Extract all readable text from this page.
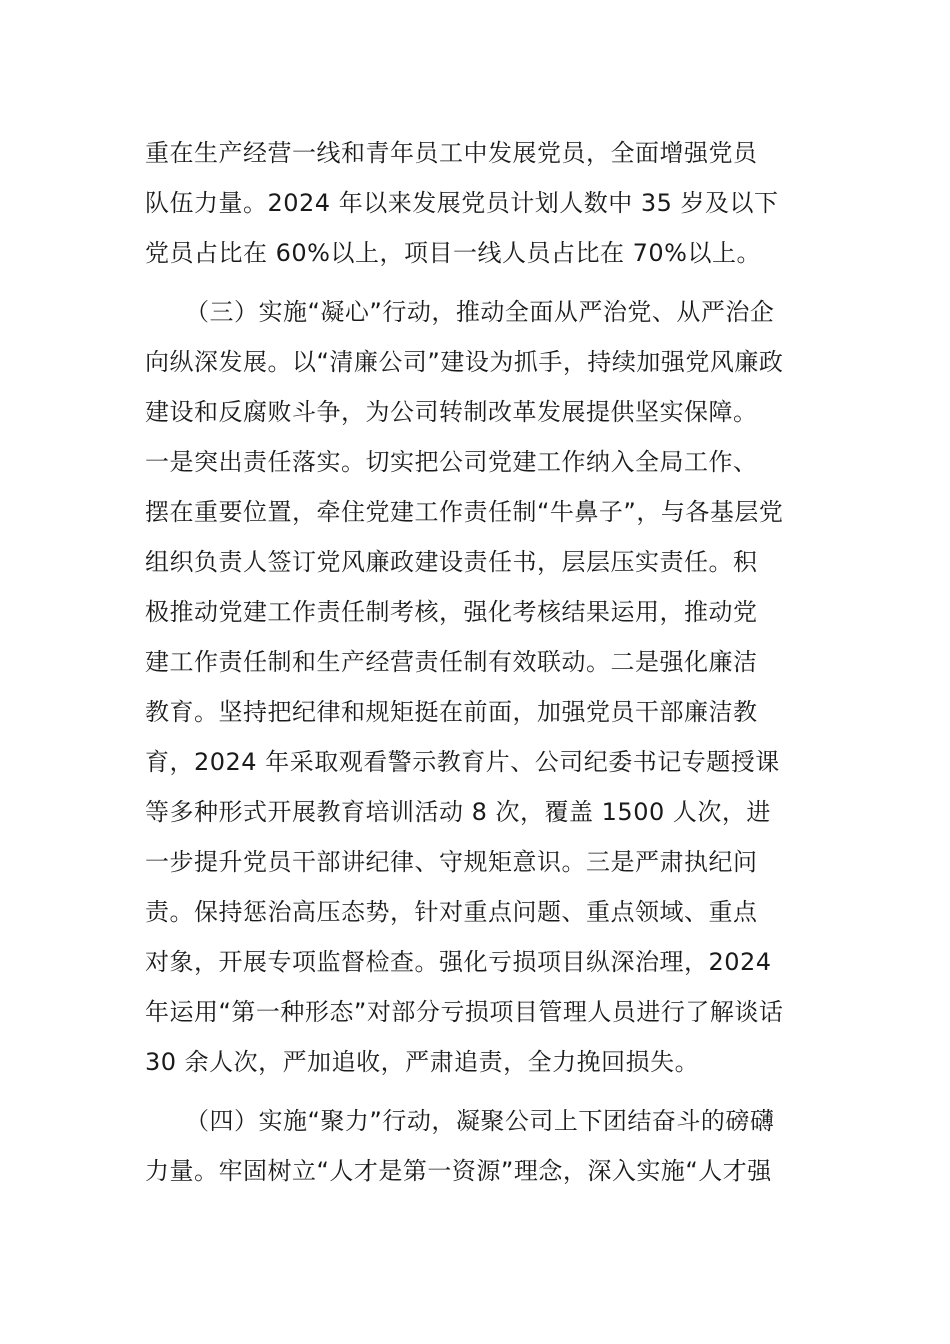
重在生产经营一线和青年员工中发展党员，全面增强党员
队伍力量。2024 年以来发展党员计划人数中 35 岁及以下
党员占比在 60%以上，项目一线人员占比在 70%以上。
（三）实施“凝心”行动，推动全面从严治党、从严治企
向纵深发展。以“清廉公司”建设为抓手，持续加强党风廉政
建设和反腐败斗争，为公司转制改革发展提供坚实保障。
一是突出责任落实。切实把公司党建工作纳入全局工作、
摆在重要位置，牵住党建工作责任制“牛鼻子”，与各基层党
组织负责人签订党风廉政建设责任书，层层压实责任。积
极推动党建工作责任制考核，强化考核结果运用，推动党
建工作责任制和生产经营责任制有效联动。二是强化廉洁
教育。坚持把纪律和规矩挺在前面，加强党员干部廉洁教
育，2024 年采取观看警示教育片、公司纪委书记专题授课
等多种形式开展教育培训活动 8 次，覆盖 1500 人次，进
一步提升党员干部讲纪律、守规矩意识。三是严肃执纪问
责。保持惩治高压态势，针对重点问题、重点领域、重点
对象，开展专项监督检查。强化亏损项目纵深治理，2024
年运用“第一种形态”对部分亏损项目管理人员进行了解谈话
30 余人次，严加追收，严肃追责，全力挽回损失。
（四）实施“聚力”行动，凝聚公司上下团结奋斗的磅礴
力量。牢固树立“人才是第一资源”理念，深入实施“人才强
